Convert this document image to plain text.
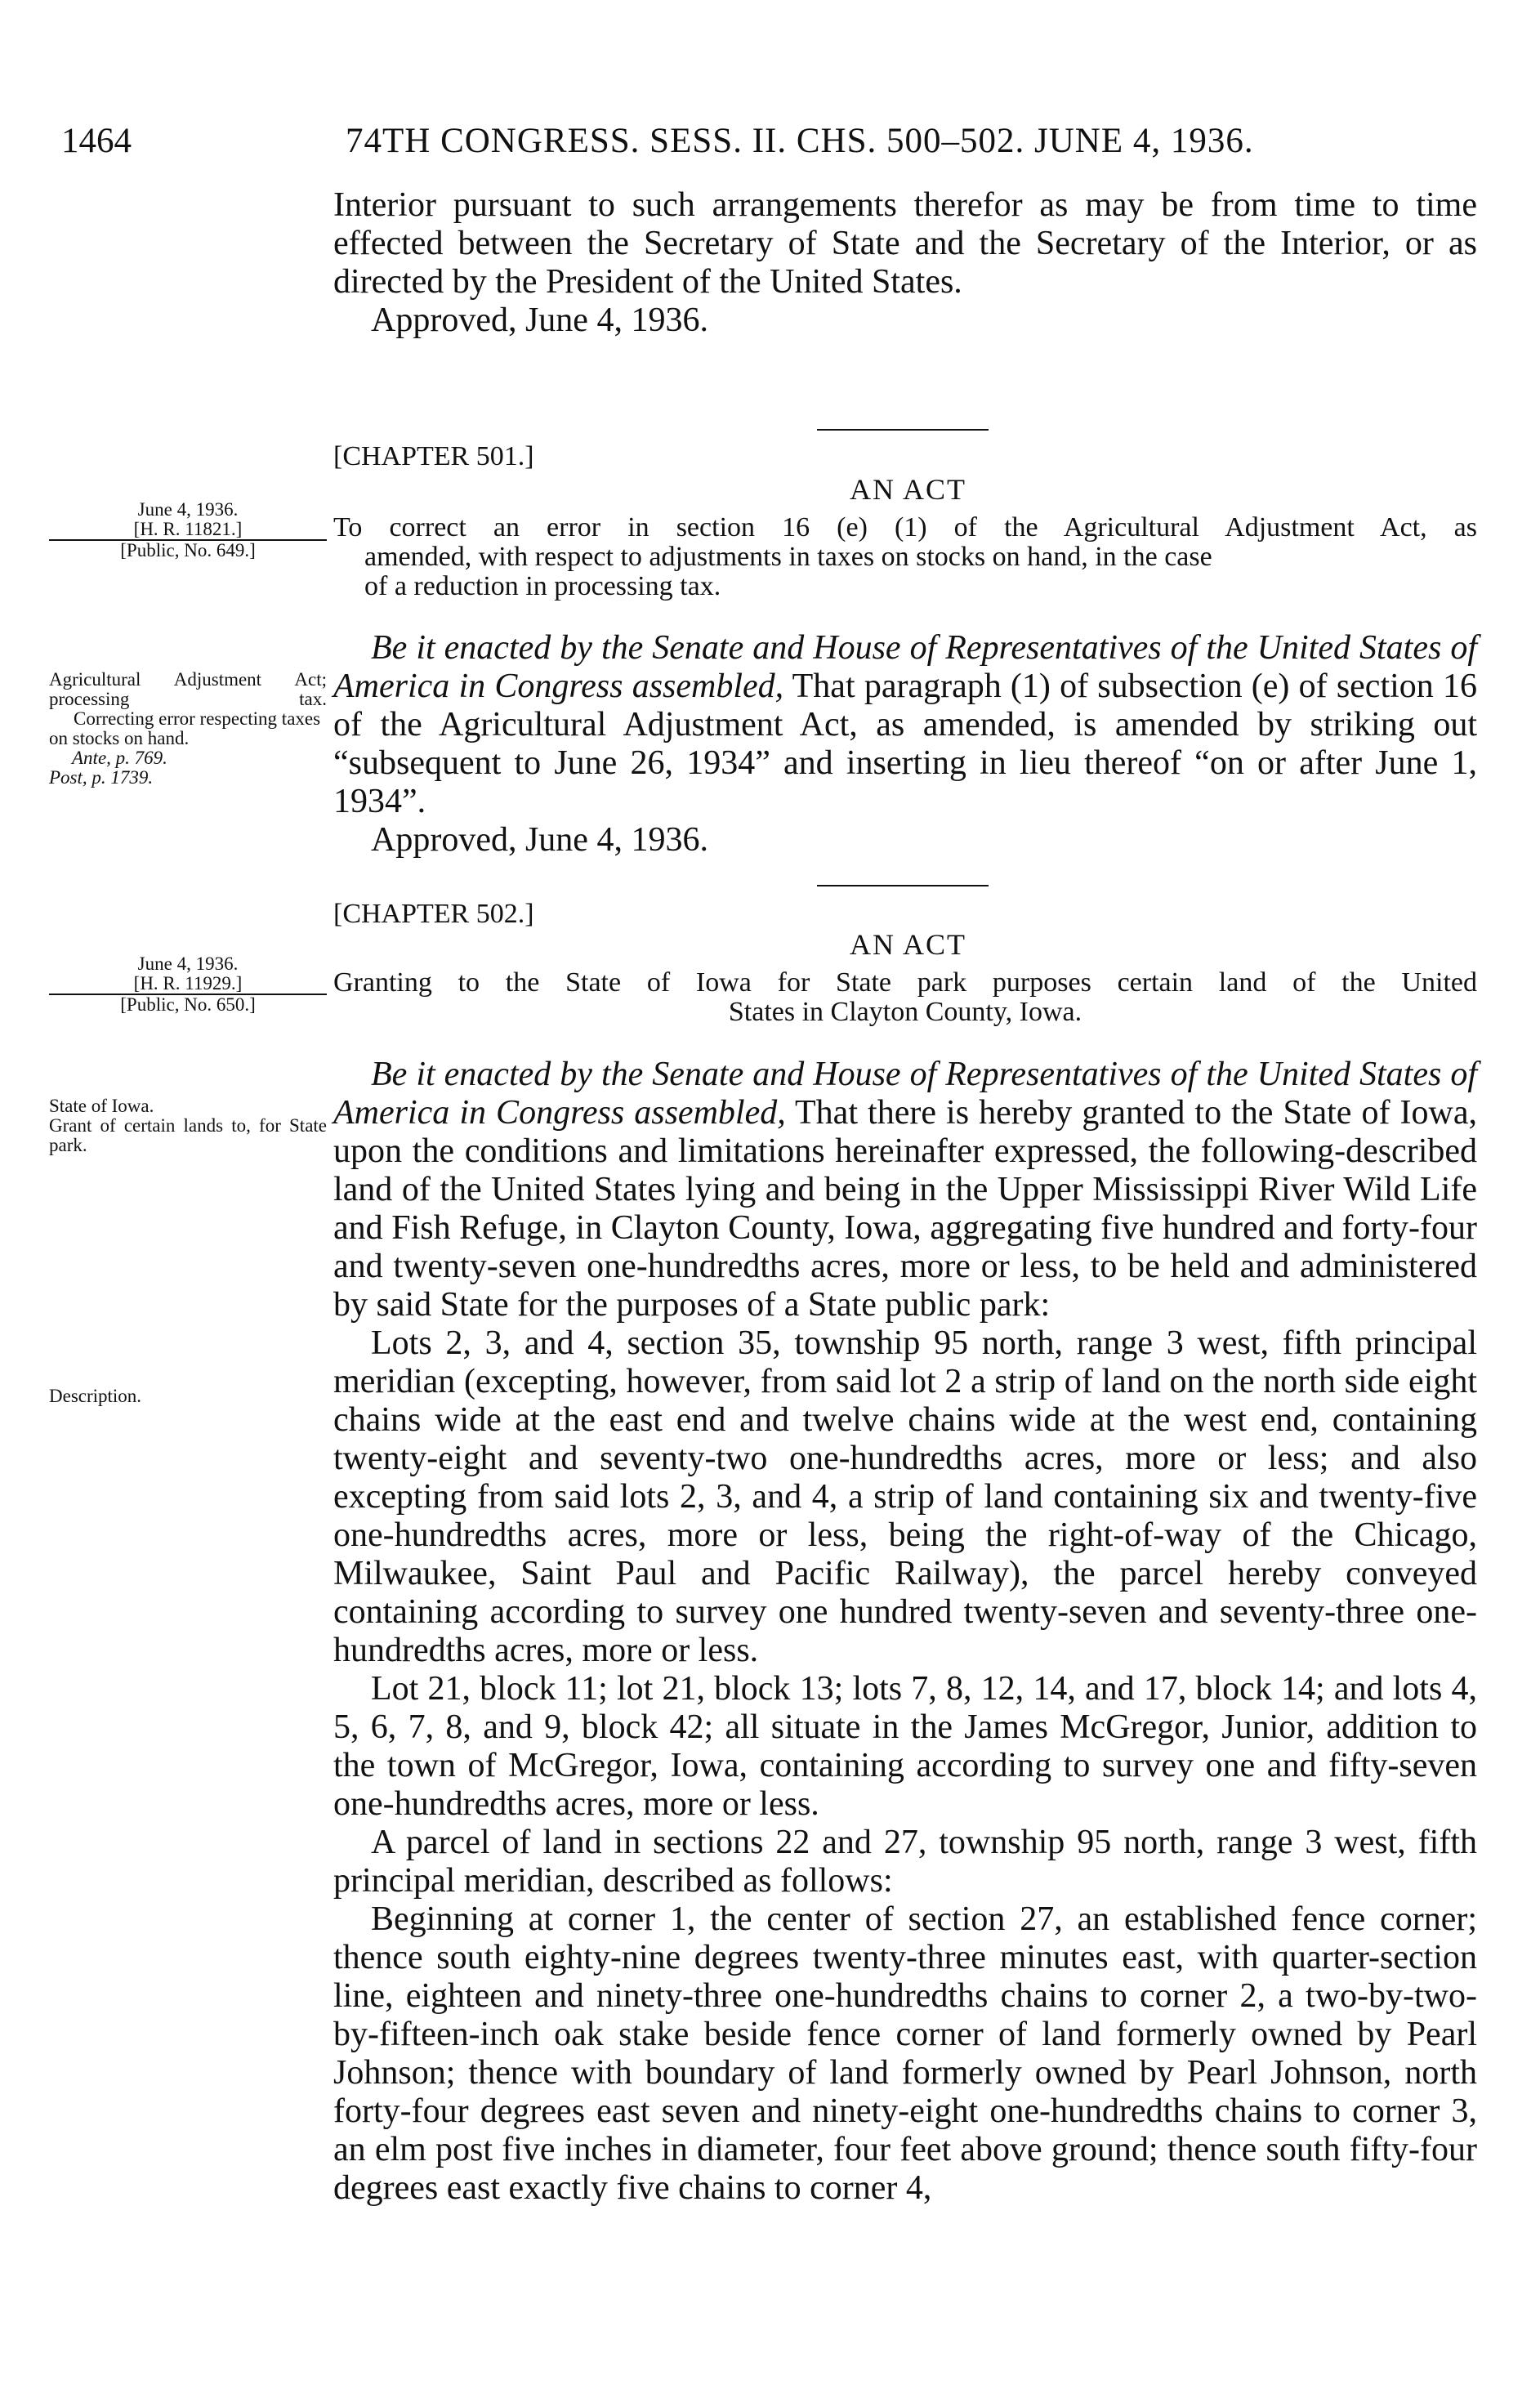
1464	74TH CONGRESS. SESS. II. CHS. 500–502. JUNE 4, 1936.

Interior pursuant to such arrangements therefor as may be from time to time effected between the Secretary of State and the Secretary of the Interior, or as directed by the President of the United States.

Approved, June 4, 1936.

[CHAPTER 501.]
AN ACT
June 4, 1936.
[H. R. 11821.]
[Public, No. 649.]
To correct an error in section 16 (e) (1) of the Agricultural Adjustment Act, as
amended, with respect to adjustments in taxes on stocks on hand, in the case
of a reduction in processing tax.
Agricultural Adjustment Act; processing tax.
Correcting error respecting taxes on stocks on hand.
Ante, p. 769.
Post, p. 1739.

Be it enacted by the Senate and House of Representatives of the United States of America in Congress assembled, That paragraph (1) of subsection (e) of section 16 of the Agricultural Adjustment Act, as amended, is amended by striking out “subsequent to June 26, 1934” and inserting in lieu thereof “on or after June 1, 1934”.

Approved, June 4, 1936.

[CHAPTER 502.]
AN ACT
June 4, 1936.
[H. R. 11929.]
[Public, No. 650.]
Granting to the State of Iowa for State park purposes certain land of the United
States in Clayton County, Iowa.
State of Iowa.
Grant of certain lands to, for State park.
Description.

Be it enacted by the Senate and House of Representatives of the United States of America in Congress assembled, That there is hereby granted to the State of Iowa, upon the conditions and limitations hereinafter expressed, the following-described land of the United States lying and being in the Upper Mississippi River Wild Life and Fish Refuge, in Clayton County, Iowa, aggregating five hundred and forty-four and twenty-seven one-hundredths acres, more or less, to be held and administered by said State for the purposes of a State public park:

Lots 2, 3, and 4, section 35, township 95 north, range 3 west, fifth principal meridian (excepting, however, from said lot 2 a strip of land on the north side eight chains wide at the east end and twelve chains wide at the west end, containing twenty-eight and seventy-two one-hundredths acres, more or less; and also excepting from said lots 2, 3, and 4, a strip of land containing six and twenty-five one-hundredths acres, more or less, being the right-of-way of the Chicago, Milwaukee, Saint Paul and Pacific Railway), the parcel hereby conveyed containing according to survey one hundred twenty-seven and seventy-three one-hundredths acres, more or less.

Lot 21, block 11; lot 21, block 13; lots 7, 8, 12, 14, and 17, block 14; and lots 4, 5, 6, 7, 8, and 9, block 42; all situate in the James McGregor, Junior, addition to the town of McGregor, Iowa, containing according to survey one and fifty-seven one-hundredths acres, more or less.

A parcel of land in sections 22 and 27, township 95 north, range 3 west, fifth principal meridian, described as follows:

Beginning at corner 1, the center of section 27, an established fence corner; thence south eighty-nine degrees twenty-three minutes east, with quarter-section line, eighteen and ninety-three one-hundredths chains to corner 2, a two-by-two-by-fifteen-inch oak stake beside fence corner of land formerly owned by Pearl Johnson; thence with boundary of land formerly owned by Pearl Johnson, north forty-four degrees east seven and ninety-eight one-hundredths chains to corner 3, an elm post five inches in diameter, four feet above ground; thence south fifty-four degrees east exactly five chains to corner 4,
